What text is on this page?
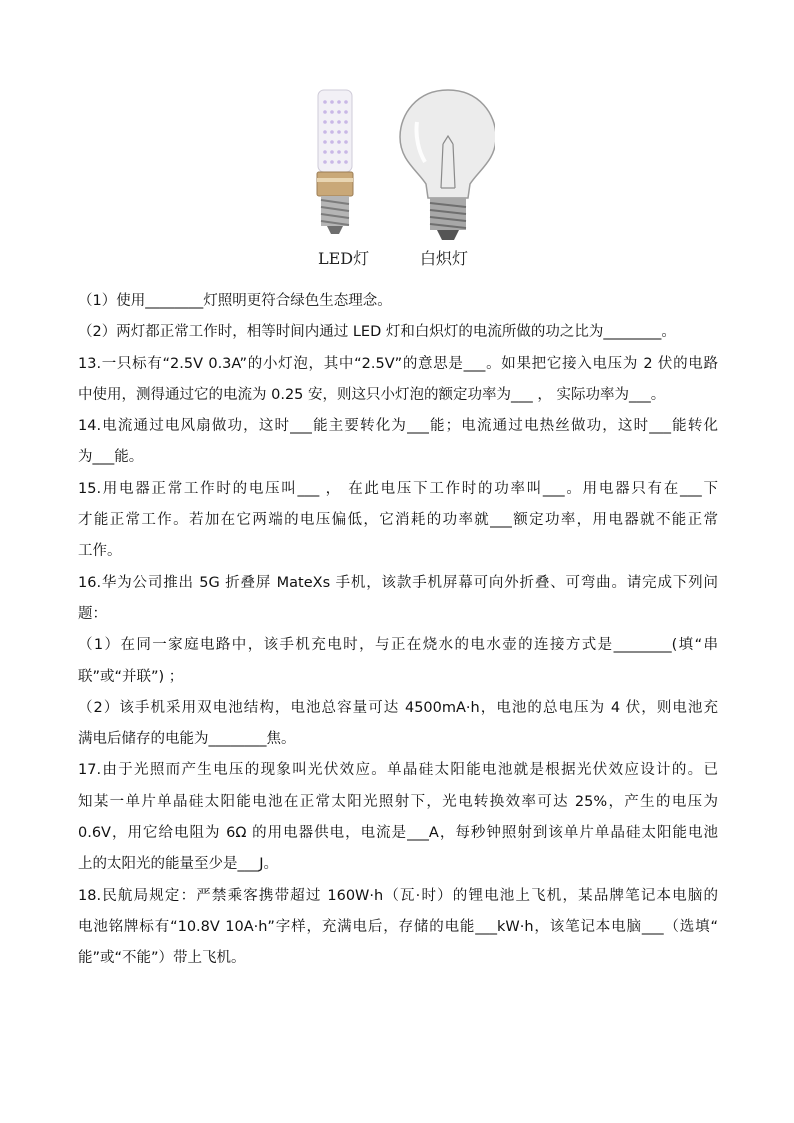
LED灯	白炽灯
（1）使用________灯照明更符合绿色生态理念。
（2）两灯都正常工作时，相等时间内通过 LED 灯和白炽灯的电流所做的功之比为________。
13.一只标有“2.5V 0.3A”的小灯泡，其中“2.5V”的意思是___。如果把它接入电压为 2 伏的电路
中使用，测得通过它的电流为 0.25 安，则这只小灯泡的额定功率为___ ， 实际功率为___。
14.电流通过电风扇做功，这时___能主要转化为___能；电流通过电热丝做功，这时___能转化
为___能。
15.用电器正常工作时的电压叫___ ， 在此电压下工作时的功率叫___。用电器只有在___下
才能正常工作。若加在它两端的电压偏低，它消耗的功率就___额定功率，用电器就不能正常
工作。
16.华为公司推出 5G 折叠屏 MateXs 手机，该款手机屏幕可向外折叠、可弯曲。请完成下列问
题：
（1）在同一家庭电路中，该手机充电时，与正在烧水的电水壶的连接方式是________(填“串
联”或“并联”) ；
（2）该手机采用双电池结构，电池总容量可达 4500mA·h，电池的总电压为 4 伏，则电池充
满电后储存的电能为________焦。
17.由于光照而产生电压的现象叫光伏效应。单晶硅太阳能电池就是根据光伏效应设计的。已
知某一单片单晶硅太阳能电池在正常太阳光照射下，光电转换效率可达 25%，产生的电压为
0.6V，用它给电阻为 6Ω 的用电器供电，电流是___A，每秒钟照射到该单片单晶硅太阳能电池
上的太阳光的能量至少是___J。
18.民航局规定：严禁乘客携带超过 160W·h（瓦·时）的锂电池上飞机，某品牌笔记本电脑的
电池铭牌标有“10.8V 10A·h”字样，充满电后，存储的电能___kW·h，该笔记本电脑___（选填“
能”或“不能”）带上飞机。
